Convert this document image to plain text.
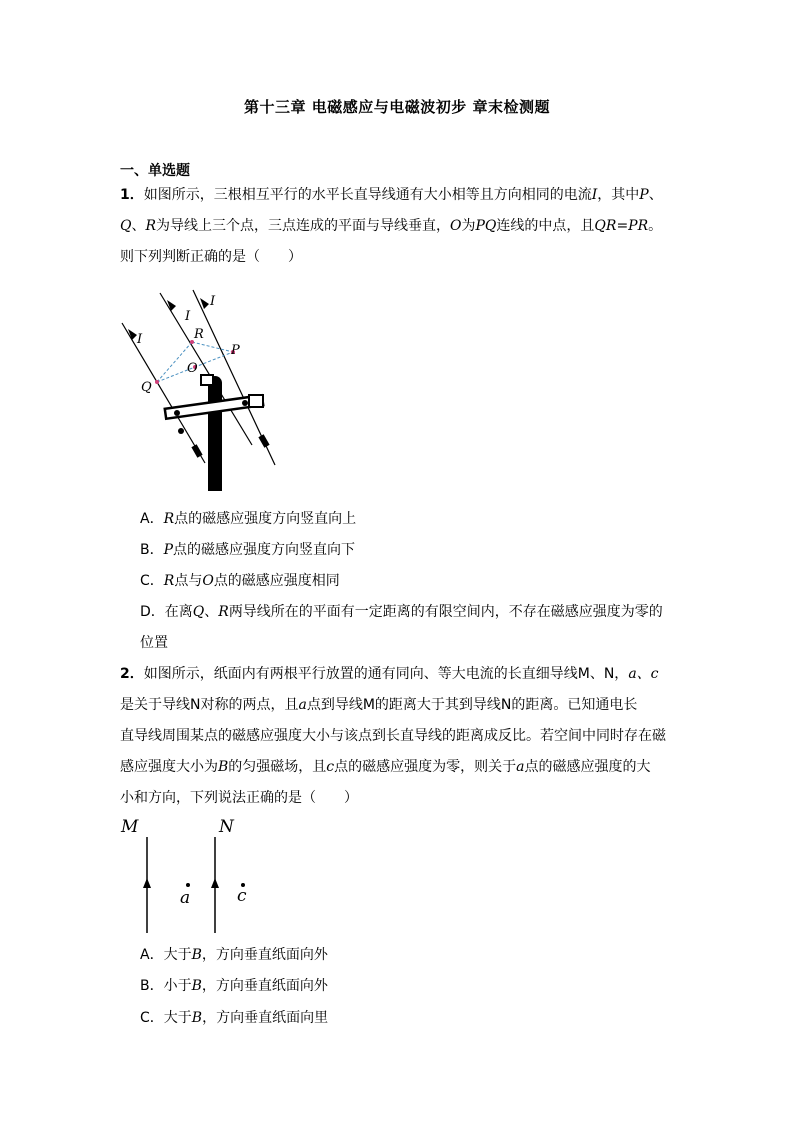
第十三章 电磁感应与电磁波初步 章末检测题
一、单选题
1．如图所示，三根相互平行的水平长直导线通有大小相等且方向相同的电流I，其中P、
Q、R为导线上三个点，三点连成的平面与导线垂直，O为PQ连线的中点，且QR=PR。
则下列判断正确的是（　　）
I
I
I
R
P
O
Q
A．R点的磁感应强度方向竖直向上
B．P点的磁感应强度方向竖直向下
C．R点与O点的磁感应强度相同
D．在离Q、R两导线所在的平面有一定距离的有限空间内，不存在磁感应强度为零的
位置
2．如图所示，纸面内有两根平行放置的通有同向、等大电流的长直细导线M、N，a、c
是关于导线N对称的两点，且a点到导线M的距离大于其到导线N的距离。已知通电长
直导线周围某点的磁感应强度大小与该点到长直导线的距离成反比。若空间中同时存在磁
感应强度大小为B的匀强磁场，且c点的磁感应强度为零，则关于a点的磁感应强度的大
小和方向，下列说法正确的是（　　）
M	N
a	c
A．大于B，方向垂直纸面向外
B．小于B，方向垂直纸面向外
C．大于B，方向垂直纸面向里
